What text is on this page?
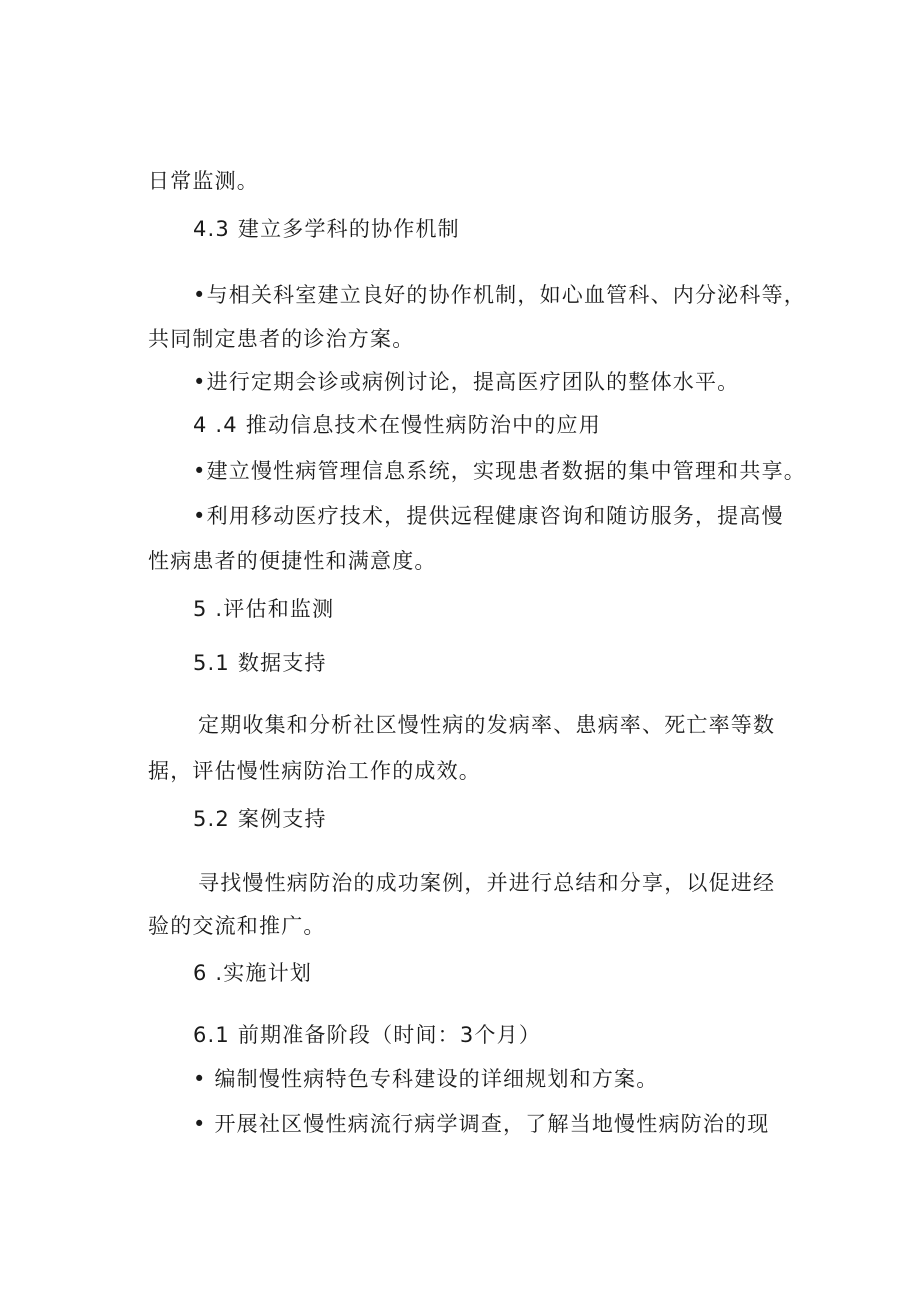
日常监测。

4.3 建立多学科的协作机制

•与相关科室建立良好的协作机制，如心血管科、内分泌科等，

共同制定患者的诊治方案。

•进行定期会诊或病例讨论，提高医疗团队的整体水平。

4 .4 推动信息技术在慢性病防治中的应用

•建立慢性病管理信息系统，实现患者数据的集中管理和共享。

•利用移动医疗技术，提供远程健康咨询和随访服务，提高慢

性病患者的便捷性和满意度。

5 .评估和监测

5.1 数据支持

定期收集和分析社区慢性病的发病率、患病率、死亡率等数

据，评估慢性病防治工作的成效。

5.2 案例支持

寻找慢性病防治的成功案例，并进行总结和分享，以促进经

验的交流和推广。

6 .实施计划

6.1 前期准备阶段（时间：3个月）

• 编制慢性病特色专科建设的详细规划和方案。

• 开展社区慢性病流行病学调查，了解当地慢性病防治的现
